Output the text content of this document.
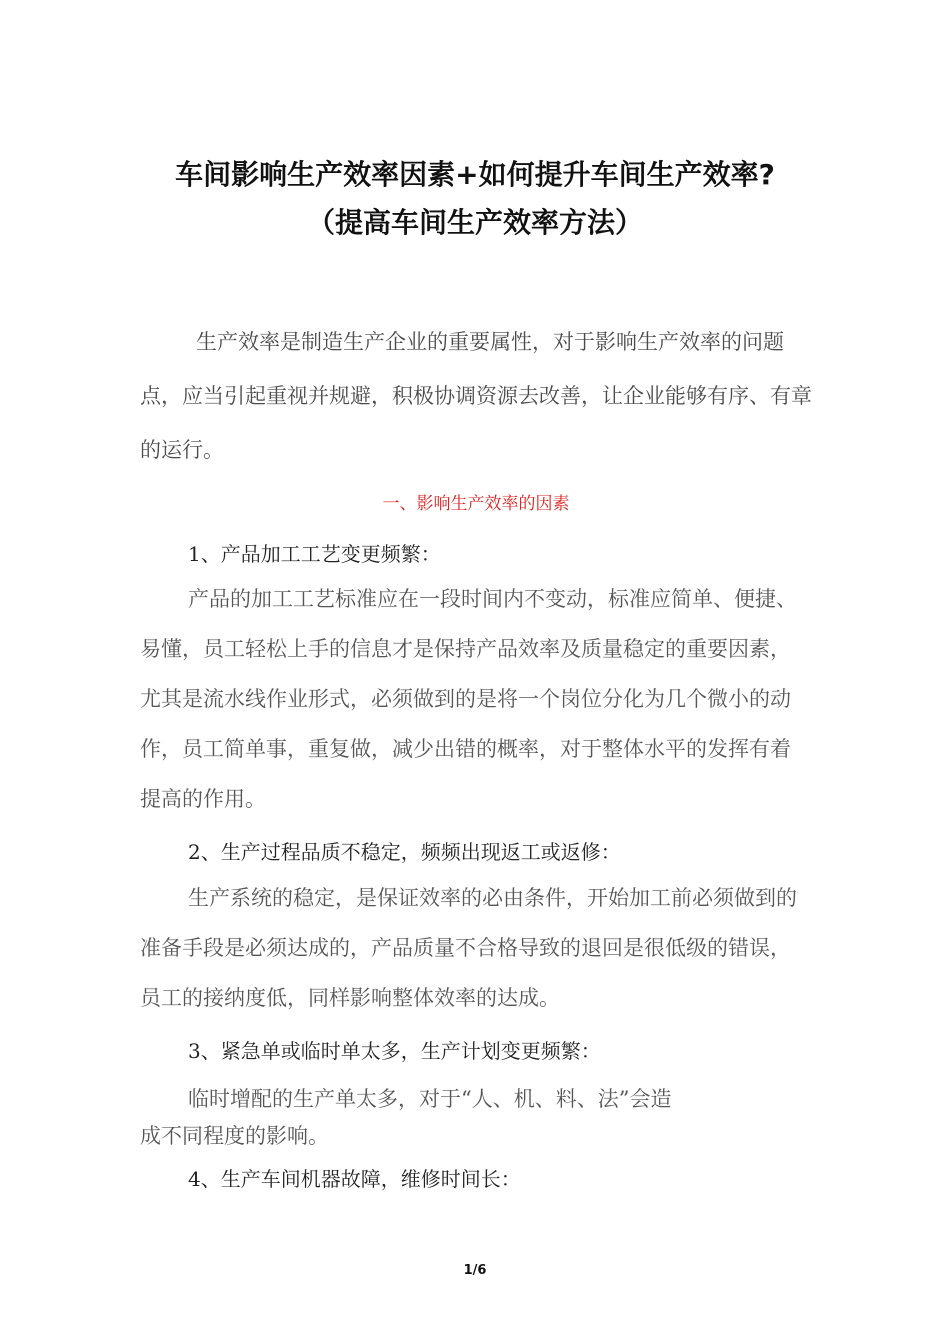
车间影响生产效率因素+如何提升车间生产效率?
（提高车间生产效率方法）

生产效率是制造生产企业的重要属性，对于影响生产效率的问题点，应当引起重视并规避，积极协调资源去改善，让企业能够有序、有章的运行。

一、影响生产效率的因素

1、产品加工工艺变更频繁：

产品的加工工艺标准应在一段时间内不变动，标准应简单、便捷、易懂，员工轻松上手的信息才是保持产品效率及质量稳定的重要因素，尤其是流水线作业形式，必须做到的是将一个岗位分化为几个微小的动作，员工简单事，重复做，减少出错的概率，对于整体水平的发挥有着提高的作用。

2、生产过程品质不稳定，频频出现返工或返修：

生产系统的稳定，是保证效率的必由条件，开始加工前必须做到的准备手段是必须达成的，产品质量不合格导致的退回是很低级的错误，员工的接纳度低，同样影响整体效率的达成。

3、紧急单或临时单太多，生产计划变更频繁：

临时增配的生产单太多，对于“人、机、料、法”会造

成不同程度的影响。

4、生产车间机器故障，维修时间长：

1/6
